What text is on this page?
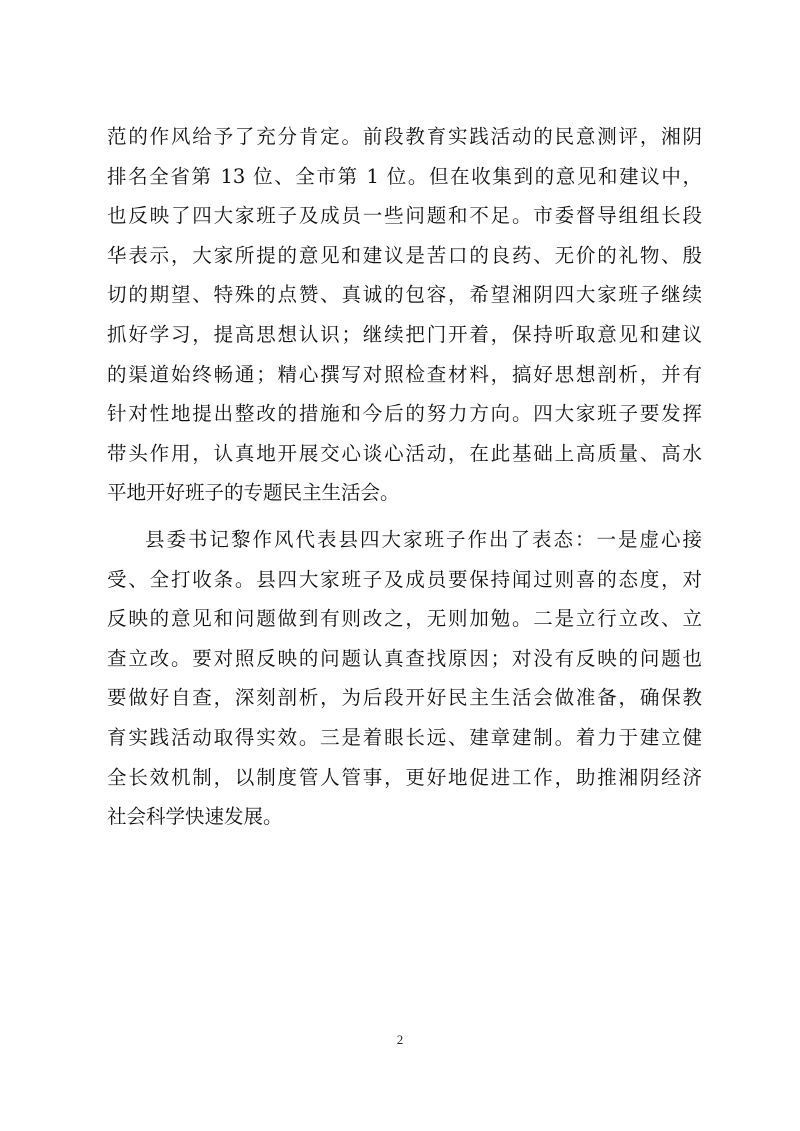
范的作风给予了充分肯定。前段教育实践活动的民意测评，湘阴
排名全省第 13 位、全市第 1 位。但在收集到的意见和建议中，
也反映了四大家班子及成员一些问题和不足。市委督导组组长段
华表示，大家所提的意见和建议是苦口的良药、无价的礼物、殷
切的期望、特殊的点赞、真诚的包容，希望湘阴四大家班子继续
抓好学习，提高思想认识；继续把门开着，保持听取意见和建议
的渠道始终畅通；精心撰写对照检查材料，搞好思想剖析，并有
针对性地提出整改的措施和今后的努力方向。四大家班子要发挥
带头作用，认真地开展交心谈心活动，在此基础上高质量、高水
平地开好班子的专题民主生活会。
县委书记黎作风代表县四大家班子作出了表态：一是虚心接
受、全打收条。县四大家班子及成员要保持闻过则喜的态度，对
反映的意见和问题做到有则改之，无则加勉。二是立行立改、立
查立改。要对照反映的问题认真查找原因；对没有反映的问题也
要做好自查，深刻剖析，为后段开好民主生活会做准备，确保教
育实践活动取得实效。三是着眼长远、建章建制。着力于建立健
全长效机制，以制度管人管事，更好地促进工作，助推湘阴经济
社会科学快速发展。
2
